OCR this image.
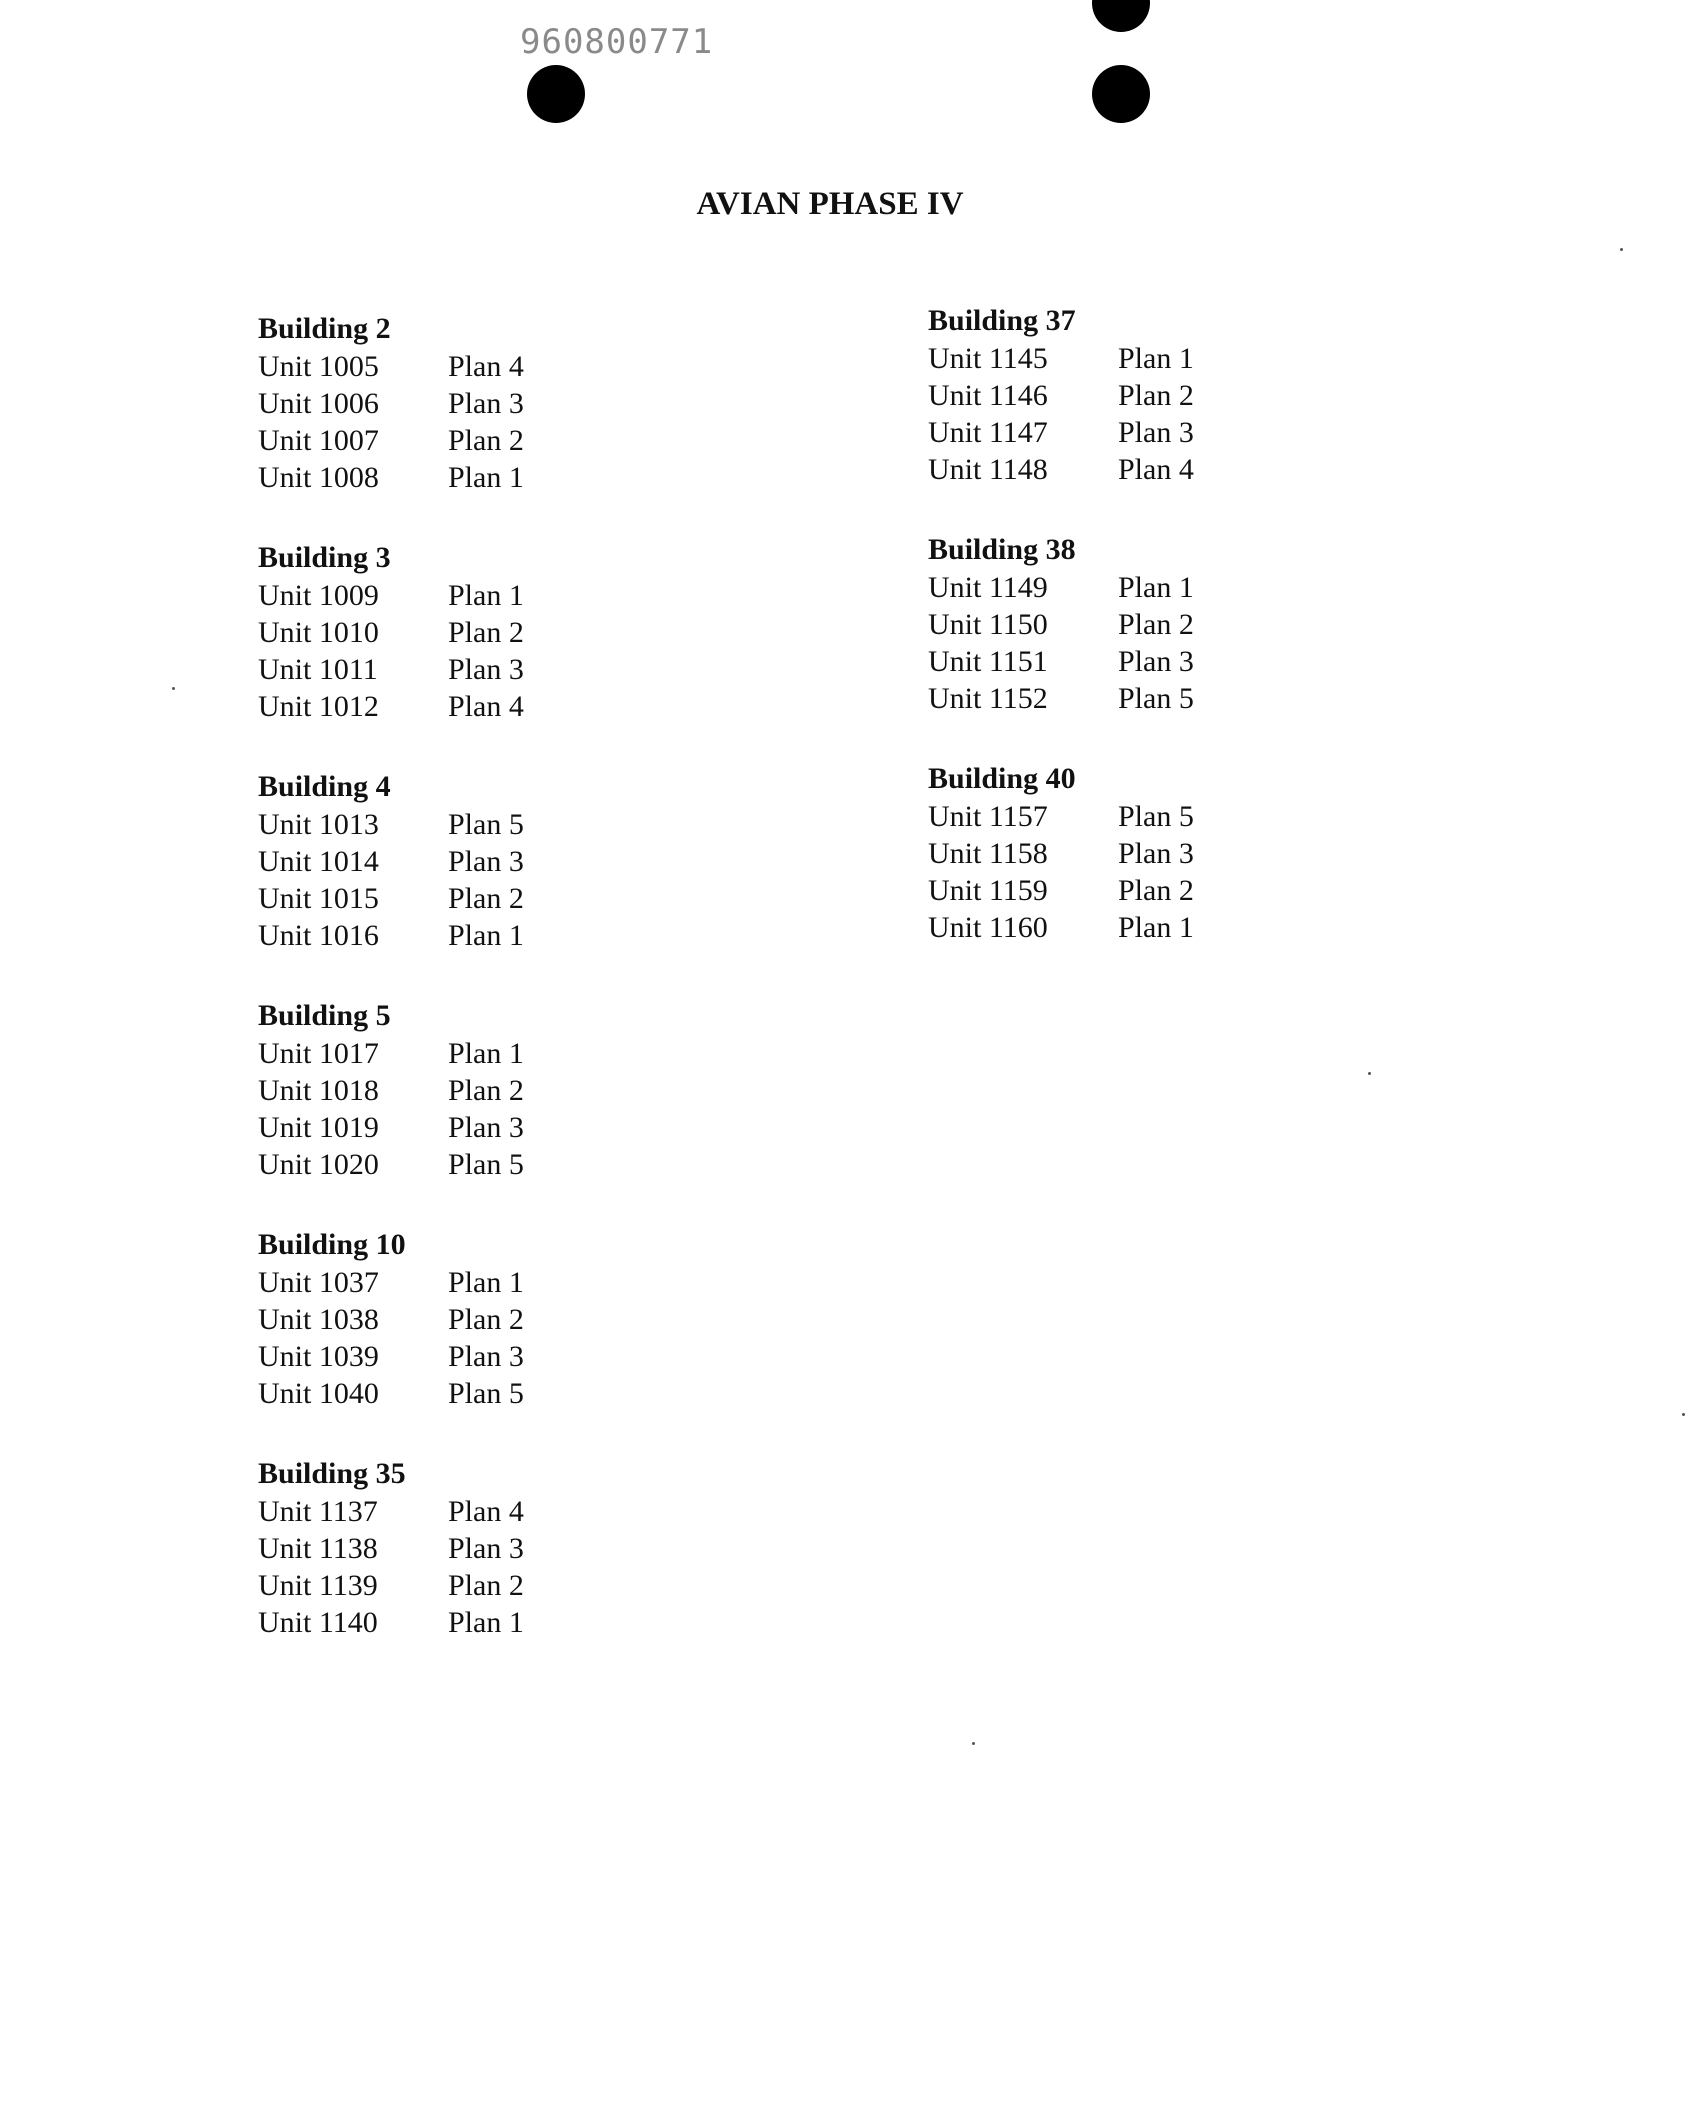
960800771
AVIAN PHASE IV
Building 2
Unit 1005	Plan 4
Unit 1006	Plan 3
Unit 1007	Plan 2
Unit 1008	Plan 1
Building 3
Unit 1009	Plan 1
Unit 1010	Plan 2
Unit 1011	Plan 3
Unit 1012	Plan 4
Building 4
Unit 1013	Plan 5
Unit 1014	Plan 3
Unit 1015	Plan 2
Unit 1016	Plan 1
Building 5
Unit 1017	Plan 1
Unit 1018	Plan 2
Unit 1019	Plan 3
Unit 1020	Plan 5
Building 10
Unit 1037	Plan 1
Unit 1038	Plan 2
Unit 1039	Plan 3
Unit 1040	Plan 5
Building 35
Unit 1137	Plan 4
Unit 1138	Plan 3
Unit 1139	Plan 2
Unit 1140	Plan 1
Building 37
Unit 1145	Plan 1
Unit 1146	Plan 2
Unit 1147	Plan 3
Unit 1148	Plan 4
Building 38
Unit 1149	Plan 1
Unit 1150	Plan 2
Unit 1151	Plan 3
Unit 1152	Plan 5
Building 40
Unit 1157	Plan 5
Unit 1158	Plan 3
Unit 1159	Plan 2
Unit 1160	Plan 1
